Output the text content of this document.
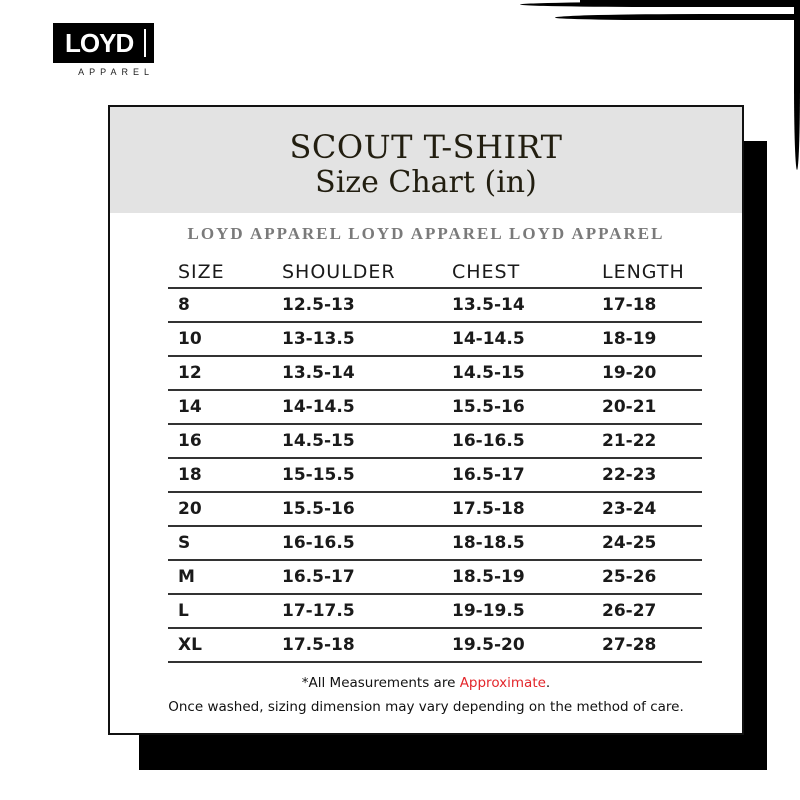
LOYD
APPAREL
SCOUT T-SHIRT
Size Chart (in)
LOYD APPAREL LOYD APPAREL LOYD APPAREL
SIZE	SHOULDER	CHEST	LENGTH
8	12.5-13	13.5-14	17-18
10	13-13.5	14-14.5	18-19
12	13.5-14	14.5-15	19-20
14	14-14.5	15.5-16	20-21
16	14.5-15	16-16.5	21-22
18	15-15.5	16.5-17	22-23
20	15.5-16	17.5-18	23-24
S	16-16.5	18-18.5	24-25
M	16.5-17	18.5-19	25-26
L	17-17.5	19-19.5	26-27
XL	17.5-18	19.5-20	27-28
*All Measurements are Approximate.
Once washed, sizing dimension may vary depending on the method of care.
